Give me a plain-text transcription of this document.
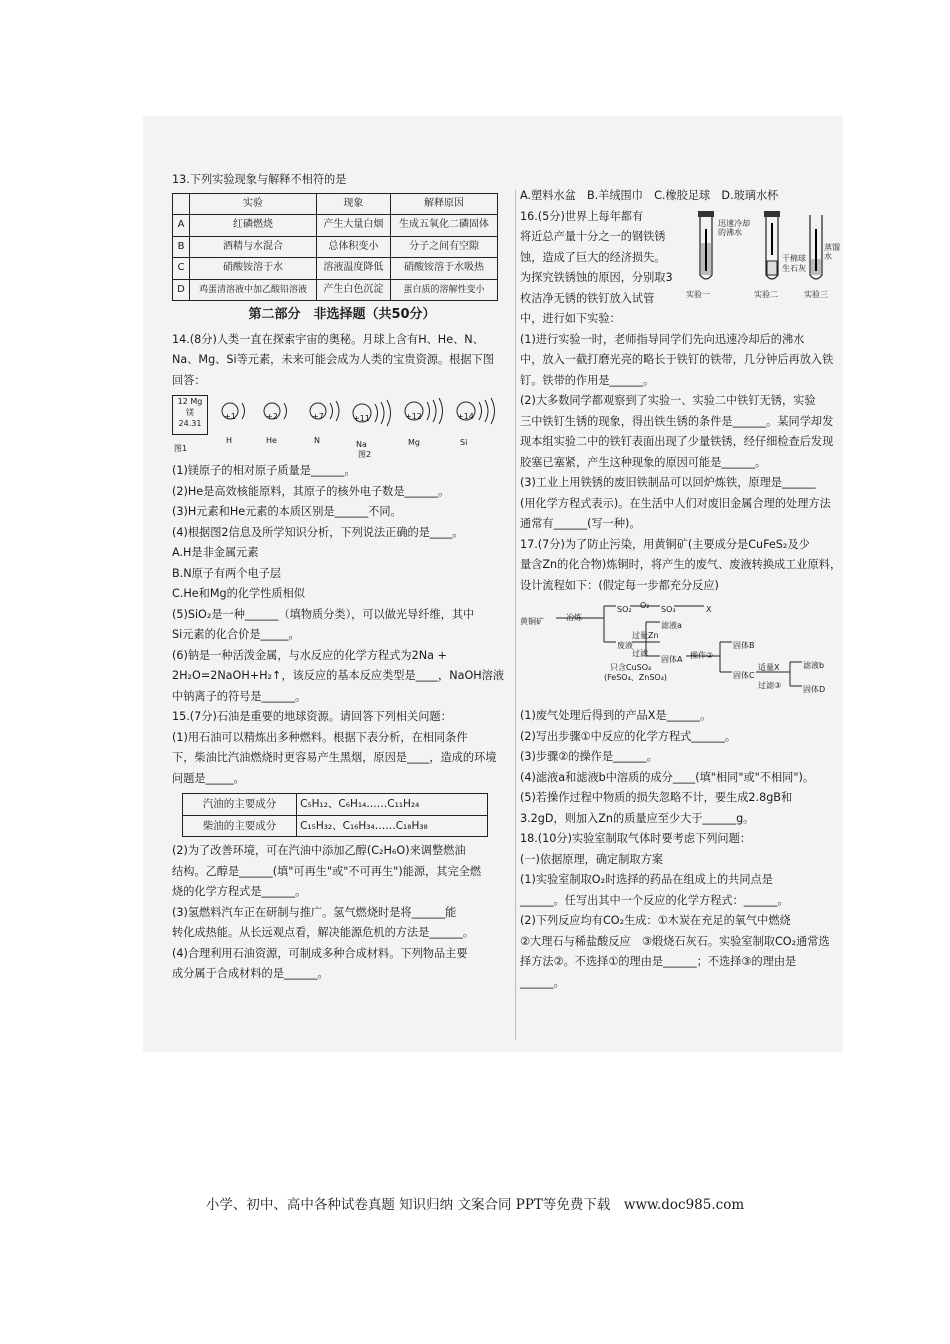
13.下列实验现象与解释不相符的是

	实验	现象	解释原因
A	红磷燃烧	产生大量白烟	生成五氧化二磷固体
B	酒精与水混合	总体积变小	分子之间有空隙
C	硝酸铵溶于水	溶液温度降低	硝酸铵溶于水吸热
D	鸡蛋清溶液中加乙酸铅溶液	产生白色沉淀	蛋白质的溶解性变小

第二部分　非选择题（共50分）

14.(8分)人类一直在探索宇宙的奥秘。月球上含有H、He、N、

Na、Mg、Si等元素，未来可能会成为人类的宝贵资源。根据下图

回答：

12 Mg
镁
24.31
图1
+1	+2	+7	+11	+12	+14
H	He	N	Na
图2
Mg	Si

(1)镁原子的相对原子质量是______。

(2)He是高效核能原料，其原子的核外电子数是______。

(3)H元素和He元素的本质区别是______不同。

(4)根据图2信息及所学知识分析，下列说法正确的是____。

A.H是非金属元素

B.N原子有两个电子层

C.He和Mg的化学性质相似

(5)SiO₂是一种______（填物质分类），可以做光导纤维，其中

Si元素的化合价是_____。

(6)钠是一种活泼金属，与水反应的化学方程式为2Na +

2H₂O=2NaOH+H₂↑，该反应的基本反应类型是____，NaOH溶液

中钠离子的符号是______。

15.(7分)石油是重要的地球资源。请回答下列相关问题：

(1)用石油可以精炼出多种燃料。根据下表分析，在相同条件

下，柴油比汽油燃烧时更容易产生黑烟，原因是____，造成的环境

问题是_____。

汽油的主要成分	C₅H₁₂、C₆H₁₄……C₁₁H₂₄
柴油的主要成分	C₁₅H₃₂、C₁₆H₃₄……C₁₈H₃₈

(2)为了改善环境，可在汽油中添加乙醇(C₂H₆O)来调整燃油

结构。乙醇是______(填"可再生"或"不可再生")能源，其完全燃

烧的化学方程式是______。

(3)氢燃料汽车正在研制与推广。氢气燃烧时是将______能

转化成热能。从长远观点看，解决能源危机的方法是______。

(4)合理利用石油资源，可制成多种合成材料。下列物品主要

成分属于合成材料的是______。

A.塑料水盆　B.羊绒围巾　C.橡胶足球　D.玻璃水杯

16.(5分)世界上每年都有

将近总产量十分之一的钢铁锈

蚀，造成了巨大的经济损失。

为探究铁锈蚀的原因，分别取3

枚洁净无锈的铁钉放入试管

中，进行如下实验：

迅速冷却的沸水
干棉球
生石灰
蒸馏水
实验一	实验二	实验三

(1)进行实验一时，老师指导同学们先向迅速冷却后的沸水

中，放入一截打磨光亮的略长于铁钉的铁带，几分钟后再放入铁

钉。铁带的作用是______。

(2)大多数同学都观察到了实验一、实验二中铁钉无锈，实验

三中铁钉生锈的现象，得出铁生锈的条件是______。某同学却发

现本组实验二中的铁钉表面出现了少量铁锈，经仔细检查后发现

胶塞已塞紧，产生这种现象的原因可能是______。

(3)工业上用铁锈的废旧铁制品可以回炉炼铁，原理是______

(用化学方程式表示)。在生活中人们对废旧金属合理的处理方法

通常有______(写一种)。

17.(7分)为了防止污染，用黄铜矿(主要成分是CuFeS₂及少

量含Zn的化合物)炼铜时，将产生的废气、废液转换成工业原料，

设计流程如下：(假定每一步都充分反应)

黄铜矿	冶炼
SO₂ O₂ SO₃	X
废液
过量Zn
过滤
滤液a
固体A
只含CuSO₄
(FeSO₄、ZnSO₄)
操作②
固体B
固体C
适量X
过滤③
滤液b
固体D

(1)废气处理后得到的产品X是______。

(2)写出步骤①中反应的化学方程式______。

(3)步骤②的操作是______。

(4)滤液a和滤液b中溶质的成分____(填"相同"或"不相同")。

(5)若操作过程中物质的损失忽略不计，要生成2.8gB和

3.2gD，则加入Zn的质量应至少大于______g。

18.(10分)实验室制取气体时要考虑下列问题：

(一)依据原理，确定制取方案

(1)实验室制取O₂时选择的药品在组成上的共同点是

______。任写出其中一个反应的化学方程式：______。

(2)下列反应均有CO₂生成：①木炭在充足的氧气中燃烧

②大理石与稀盐酸反应　③煅烧石灰石。实验室制取CO₂通常选

择方法②。不选择①的理由是______；不选择③的理由是

______。

小学、初中、高中各种试卷真题 知识归纳 文案合同 PPT等免费下载　www.doc985.com
